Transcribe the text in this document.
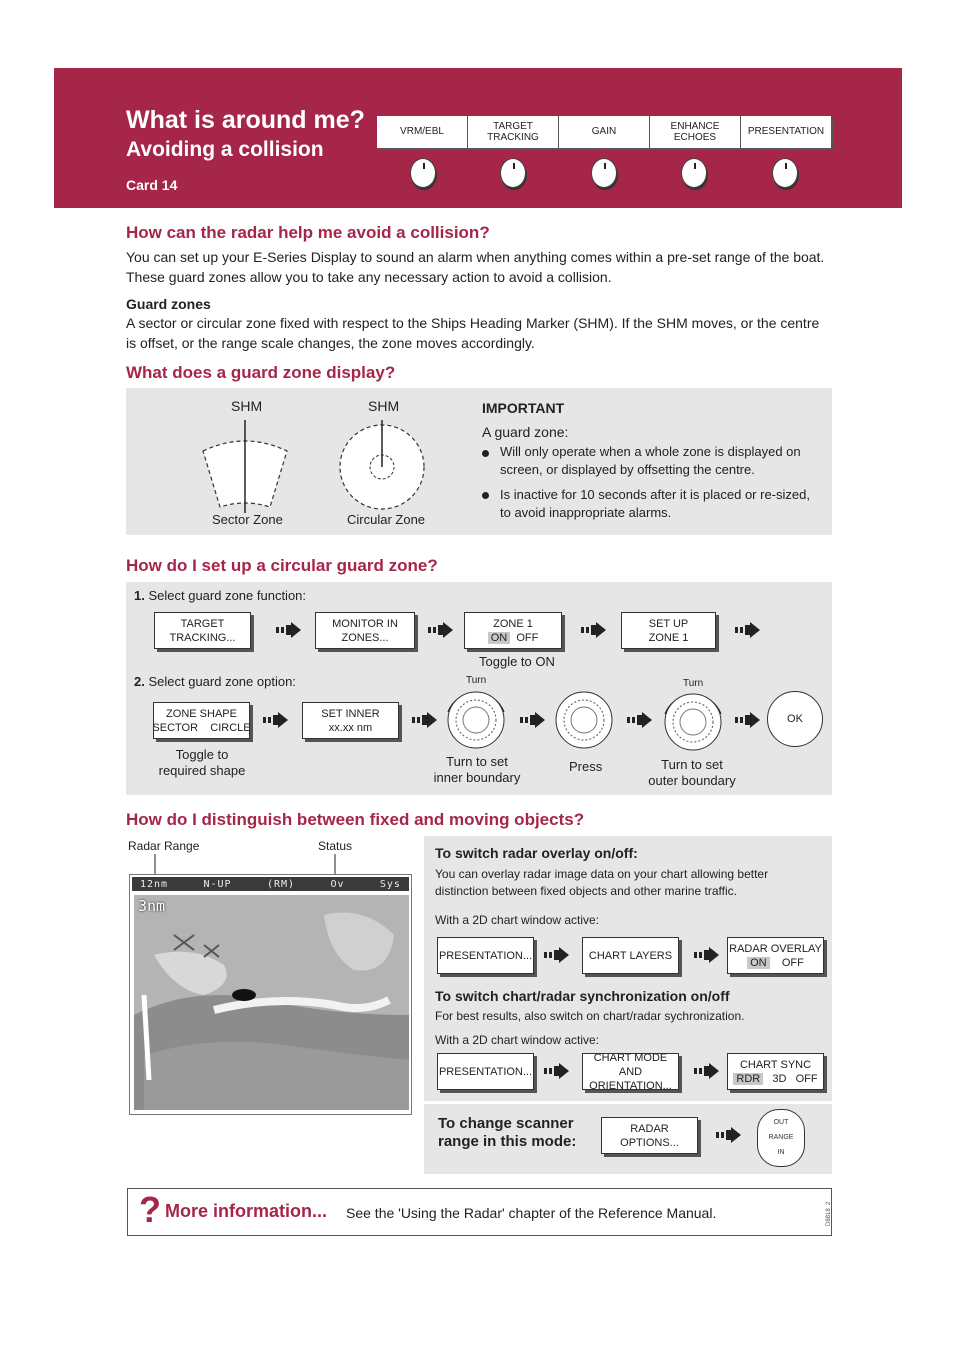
What is around me?
Avoiding a collision
Card 14
VRM/EBL
TARGET
TRACKING
GAIN
ENHANCE
ECHOES
PRESENTATION
How can the radar help me avoid a collision?
You can set up your E-Series Display to sound an alarm when anything comes within a pre-set range of the boat. These guard zones allow you to take any necessary action to avoid a collision.
Guard zones
A sector or circular zone fixed with respect to the Ships Heading Marker (SHM). If the SHM moves, or the centre is offset, or the range scale changes, the zone moves accordingly.
What does a guard zone display?
SHM	SHM
Sector Zone	Circular Zone
IMPORTANT
A guard zone:
Will only operate when a whole zone is displayed on screen, or displayed by offsetting the centre.
Is inactive for 10 seconds after it is placed or re-sized, to avoid inappropriate alarms.
How do I set up a circular guard zone?
1. Select guard zone function:
TARGET
TRACKING...
MONITOR IN
ZONES...
ZONE 1
ON OFF
SET UP
ZONE 1
Toggle to ON
2. Select guard zone option:
ZONE SHAPE
SECTOR    CIRCLE
SET INNER
xx.xx nm
Turn	Turn
OK
Toggle to
required shape
Turn to set
inner boundary
Press	Turn to set
outer boundary
How do I distinguish between fixed and moving objects?
Radar Range	Status
12nm	N-UP	(RM)	Ov	Sys
3nm
To switch radar overlay on/off:
You can overlay radar image data on your chart allowing better distinction between fixed objects and other marine traffic.
With a 2D chart window active:
PRESENTATION...	CHART LAYERS
RADAR OVERLAY
ON OFF
To switch chart/radar synchronization on/off
For best results, also switch on chart/radar sychronization.
With a 2D chart window active:
PRESENTATION...
CHART MODE AND
ORIENTATION...
CHART SYNC
RDR 3D OFF
To change scanner
range in this mode:
RADAR
OPTIONS...
OUT
RANGE
IN
? More information... See the 'Using the Radar' chapter of the Reference Manual.	D8818_2
